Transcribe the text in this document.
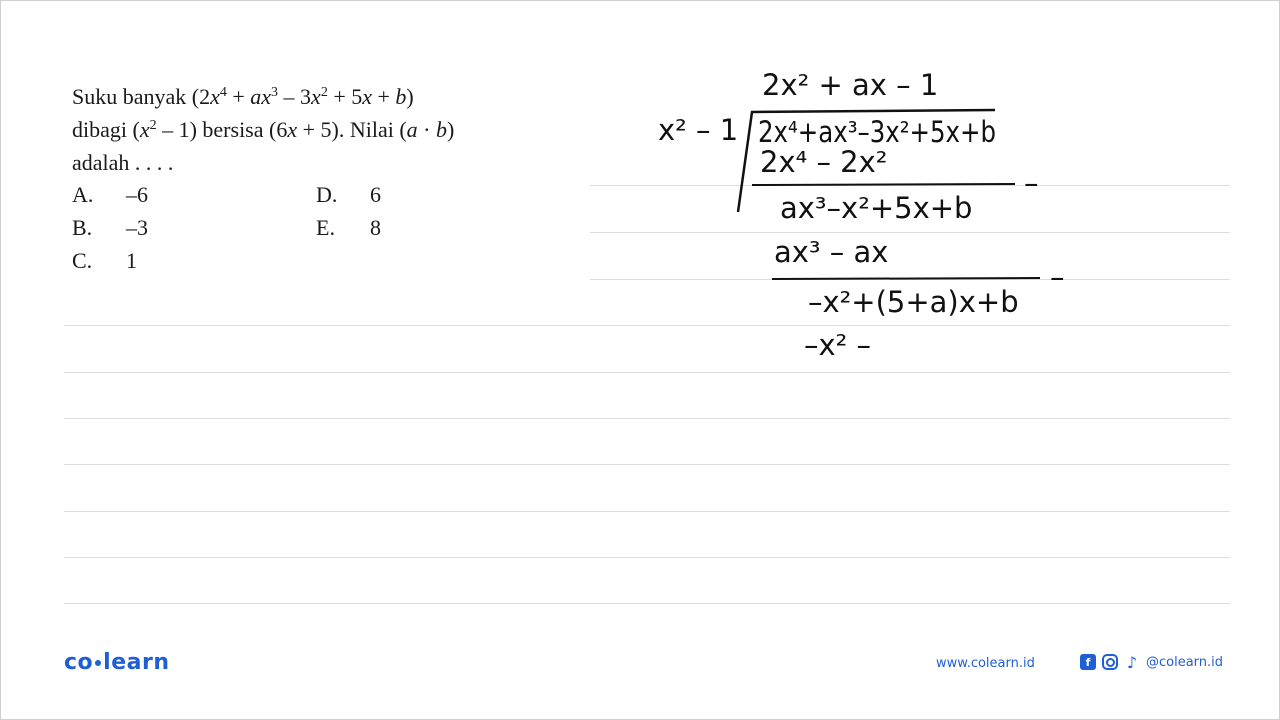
Suku banyak $(2x^4 + ax^3 - 3x^2 + 5x + b)$
dibagi $(x^2 - 1)$ bersisa (6x + 5). Nilai (a · b)
adalah . . . .
A. –6
B. –3
C. 1
D. 6
E. 8
2x² + ax – 1
x² – 1 2x⁴+ax³–3x²+5x+b
2x⁴ – 2x²
–
ax³–x²+5x+b
ax³ – ax
–
–x²+(5+a)x+b
–x² –
co learn	www.colearn.id	f	♪ @colearn.id
